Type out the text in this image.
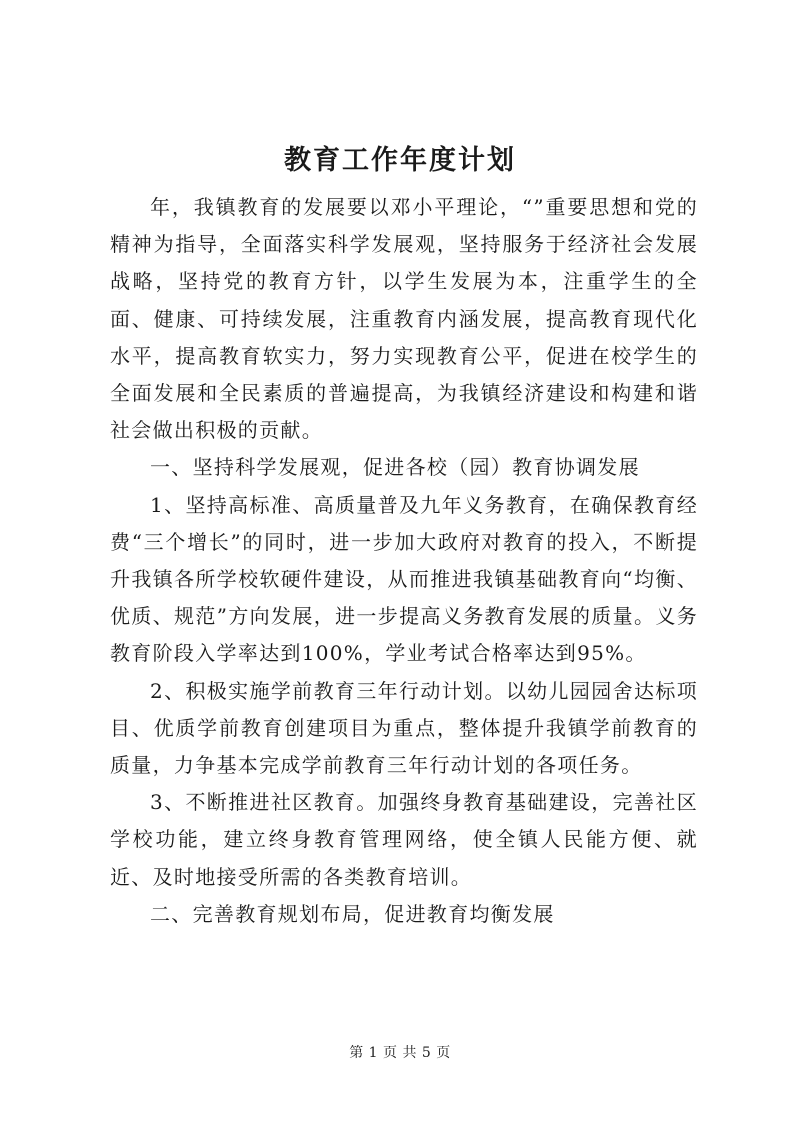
教育工作年度计划

年，我镇教育的发展要以邓小平理论，“”重要思想和党的精神为指导，全面落实科学发展观，坚持服务于经济社会发展战略，坚持党的教育方针，以学生发展为本，注重学生的全面、健康、可持续发展，注重教育内涵发展，提高教育现代化水平，提高教育软实力，努力实现教育公平，促进在校学生的全面发展和全民素质的普遍提高，为我镇经济建设和构建和谐社会做出积极的贡献。

一、坚持科学发展观，促进各校（园）教育协调发展

1、坚持高标准、高质量普及九年义务教育，在确保教育经费“三个增长”的同时，进一步加大政府对教育的投入，不断提升我镇各所学校软硬件建设，从而推进我镇基础教育向“均衡、优质、规范”方向发展，进一步提高义务教育发展的质量。义务教育阶段入学率达到100%，学业考试合格率达到95%。

2、积极实施学前教育三年行动计划。以幼儿园园舍达标项目、优质学前教育创建项目为重点，整体提升我镇学前教育的质量，力争基本完成学前教育三年行动计划的各项任务。

3、不断推进社区教育。加强终身教育基础建设，完善社区学校功能，建立终身教育管理网络，使全镇人民能方便、就近、及时地接受所需的各类教育培训。

二、完善教育规划布局，促进教育均衡发展

第 1 页 共 5 页
